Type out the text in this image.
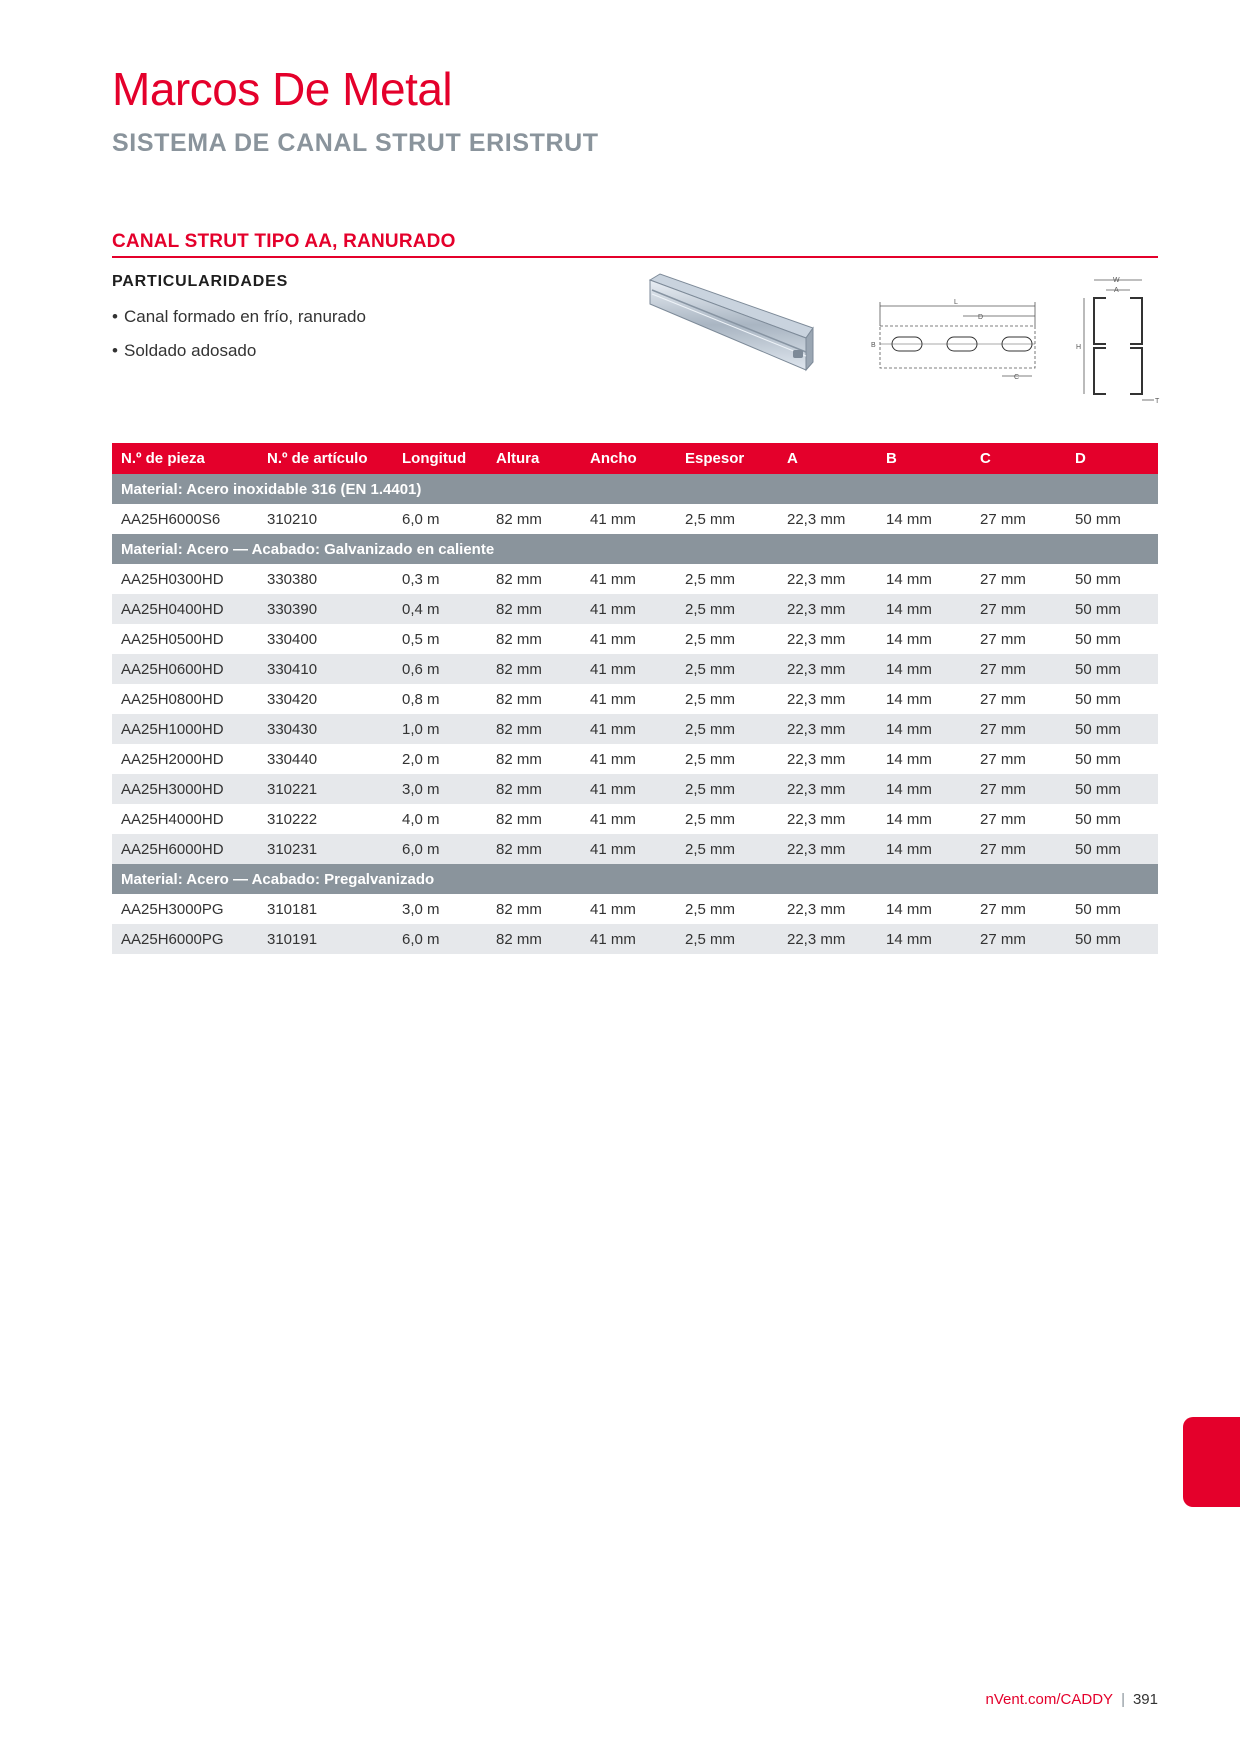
Marcos De Metal
SISTEMA DE CANAL STRUT ERISTRUT
CANAL STRUT TIPO AA, RANURADO
PARTICULARIDADES
• Canal formado en frío, ranurado
• Soldado adosado
L
D
B
C
W
A
H
T
N.º de pieza	N.º de artículo	Longitud	Altura	Ancho	Espesor	A	B	C	D
Material: Acero inoxidable 316 (EN 1.4401)									
AA25H6000S6	310210	6,0 m	82 mm	41 mm	2,5 mm	22,3 mm	14 mm	27 mm	50 mm
Material: Acero — Acabado: Galvanizado en caliente									
AA25H0300HD	330380	0,3 m	82 mm	41 mm	2,5 mm	22,3 mm	14 mm	27 mm	50 mm
AA25H0400HD	330390	0,4 m	82 mm	41 mm	2,5 mm	22,3 mm	14 mm	27 mm	50 mm
AA25H0500HD	330400	0,5 m	82 mm	41 mm	2,5 mm	22,3 mm	14 mm	27 mm	50 mm
AA25H0600HD	330410	0,6 m	82 mm	41 mm	2,5 mm	22,3 mm	14 mm	27 mm	50 mm
AA25H0800HD	330420	0,8 m	82 mm	41 mm	2,5 mm	22,3 mm	14 mm	27 mm	50 mm
AA25H1000HD	330430	1,0 m	82 mm	41 mm	2,5 mm	22,3 mm	14 mm	27 mm	50 mm
AA25H2000HD	330440	2,0 m	82 mm	41 mm	2,5 mm	22,3 mm	14 mm	27 mm	50 mm
AA25H3000HD	310221	3,0 m	82 mm	41 mm	2,5 mm	22,3 mm	14 mm	27 mm	50 mm
AA25H4000HD	310222	4,0 m	82 mm	41 mm	2,5 mm	22,3 mm	14 mm	27 mm	50 mm
AA25H6000HD	310231	6,0 m	82 mm	41 mm	2,5 mm	22,3 mm	14 mm	27 mm	50 mm
Material: Acero — Acabado: Pregalvanizado									
AA25H3000PG	310181	3,0 m	82 mm	41 mm	2,5 mm	22,3 mm	14 mm	27 mm	50 mm
AA25H6000PG	310191	6,0 m	82 mm	41 mm	2,5 mm	22,3 mm	14 mm	27 mm	50 mm
nVent.com/CADDY | 391
